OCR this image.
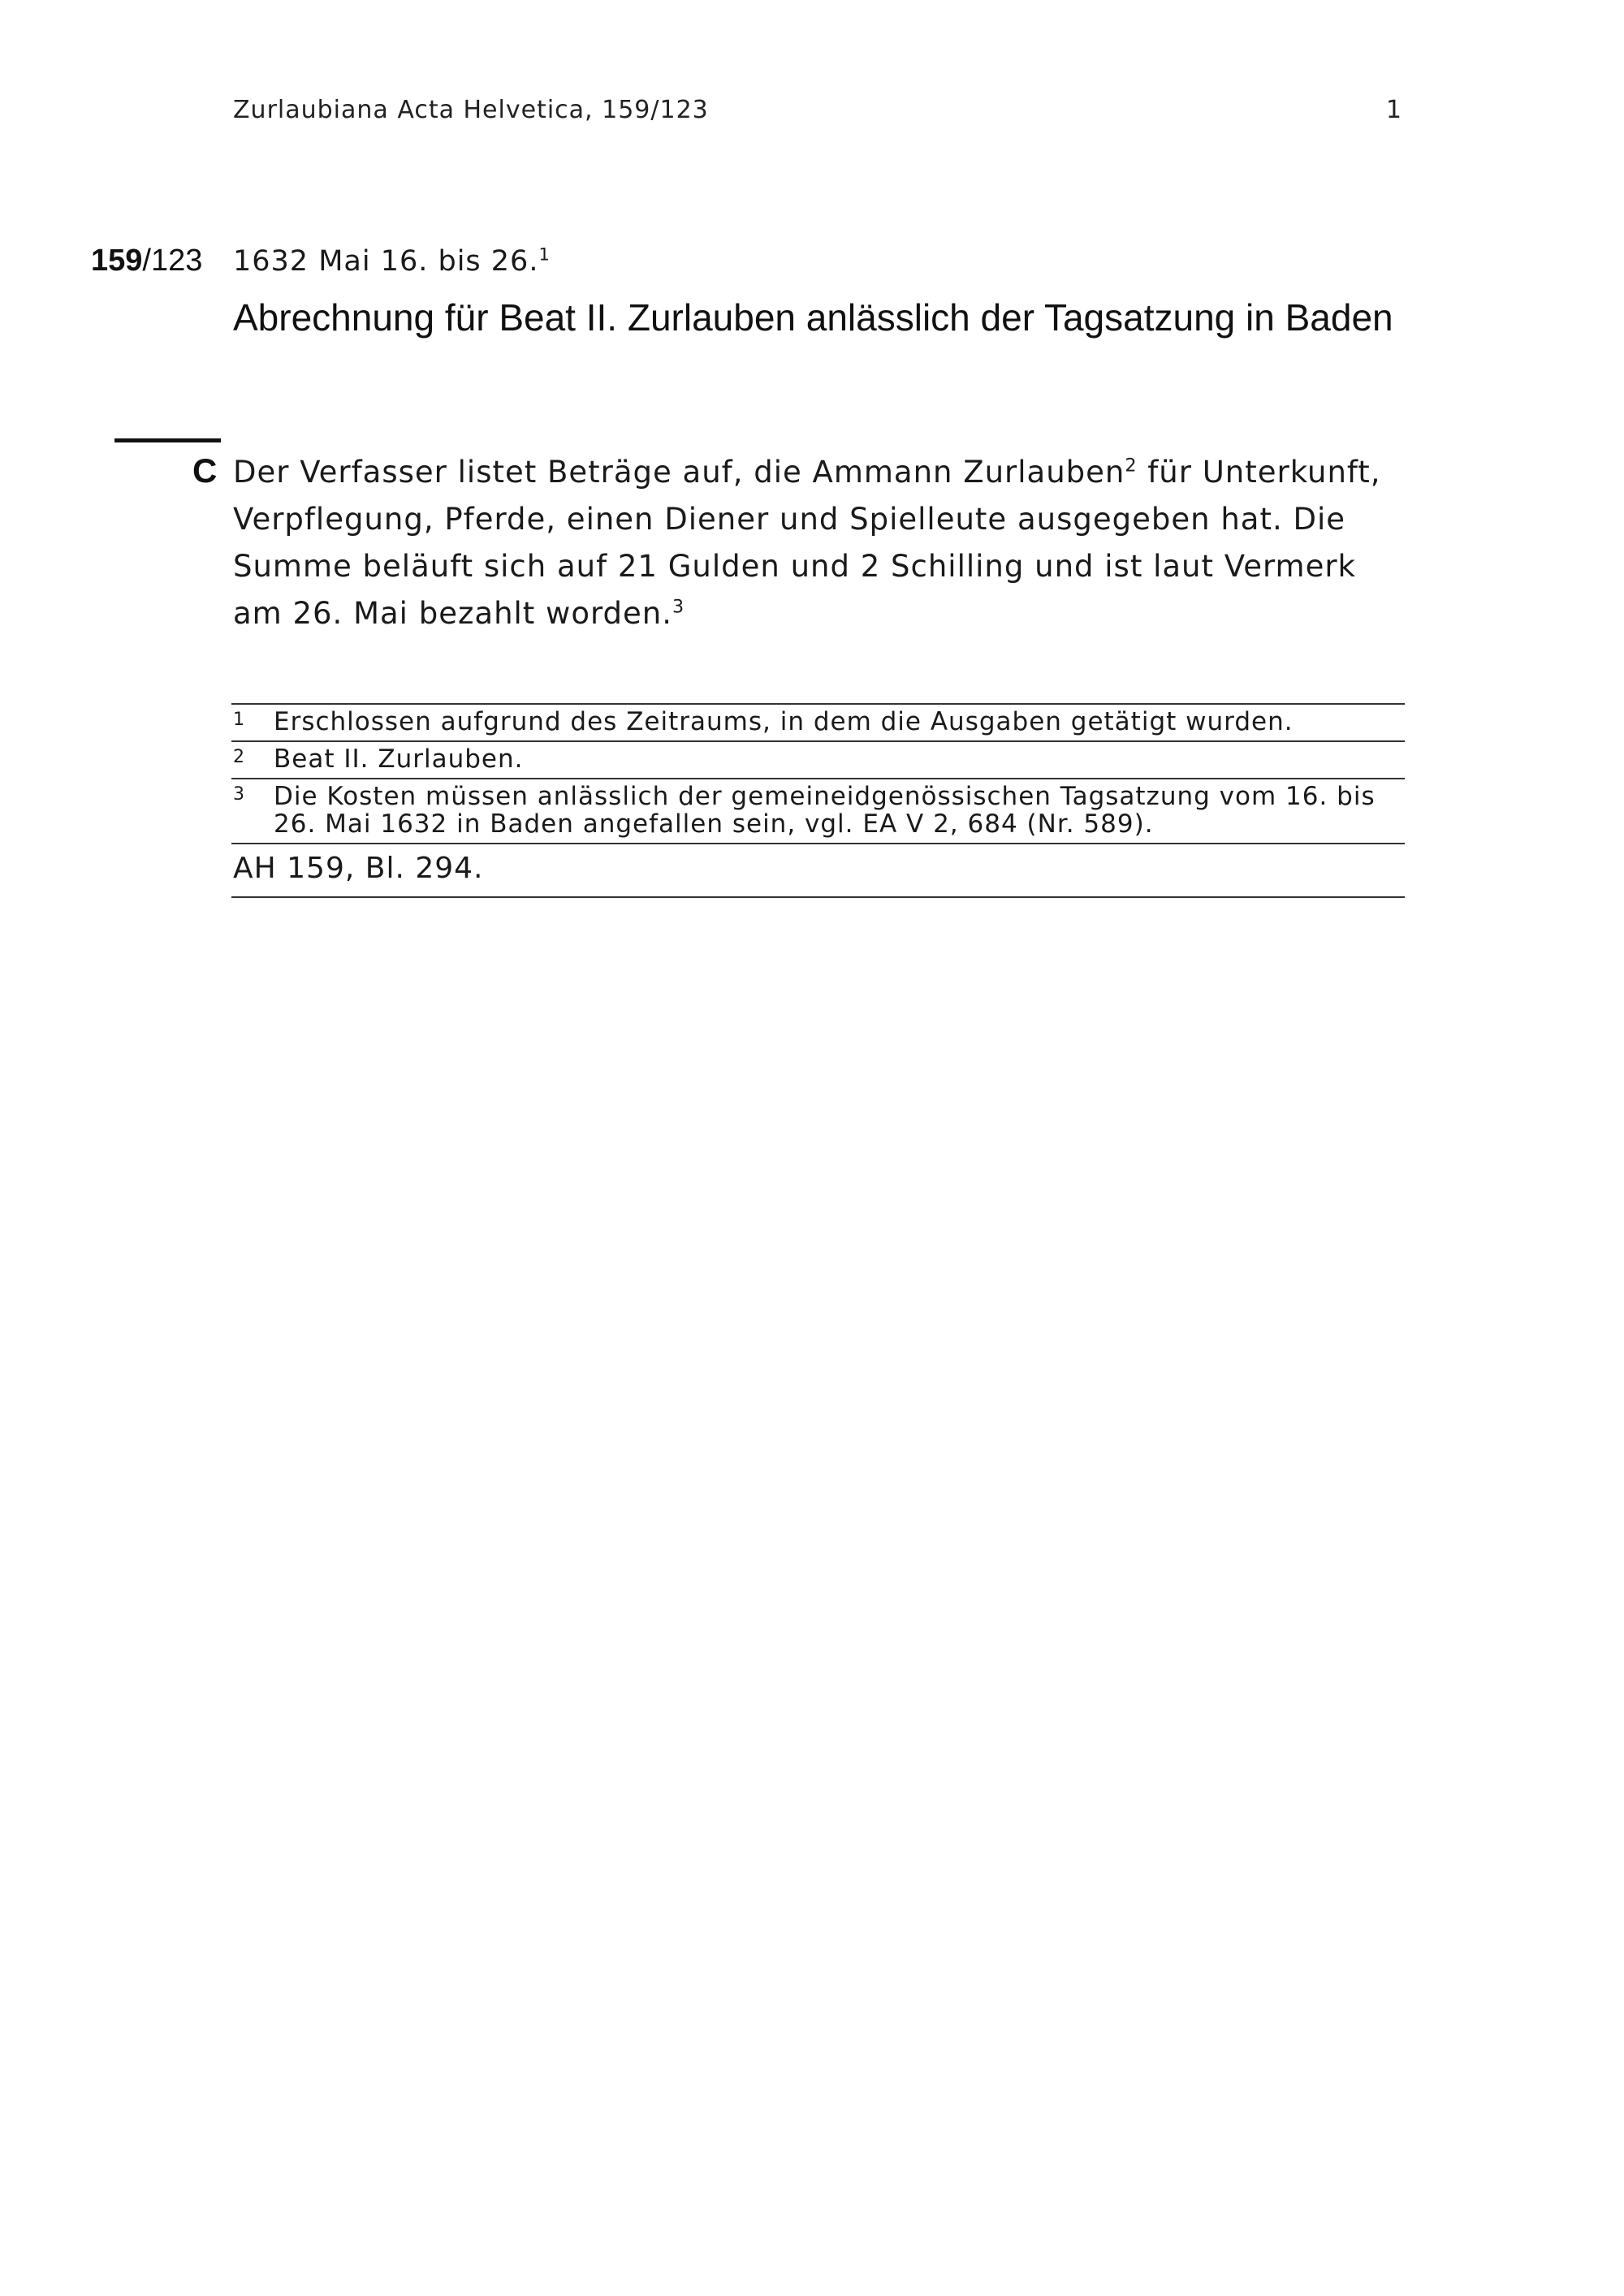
Zurlaubiana Acta Helvetica, 159/123	1
159/123 1632 Mai 16. bis 26.$^1$
Abrechnung für Beat II. Zurlauben anlässlich der Tagsatzung in Baden
C Der Verfasser listet Beträge auf, die Ammann Zurlauben$^2$ für Unterkunft, Verpflegung, Pferde, einen Diener und Spielleute ausgegeben hat. Die Summe beläuft sich auf 21 Gulden und 2 Schilling und ist laut Vermerk am 26. Mai bezahlt worden.$^3$
1 Erschlossen aufgrund des Zeitraums, in dem die Ausgaben getätigt wurden.
2 Beat II. Zurlauben.
3 Die Kosten müssen anlässlich der gemeineidgenössischen Tagsatzung vom 16. bis 26. Mai 1632 in Baden angefallen sein, vgl. EA V 2, 684 (Nr. 589).
AH 159, Bl. 294.
